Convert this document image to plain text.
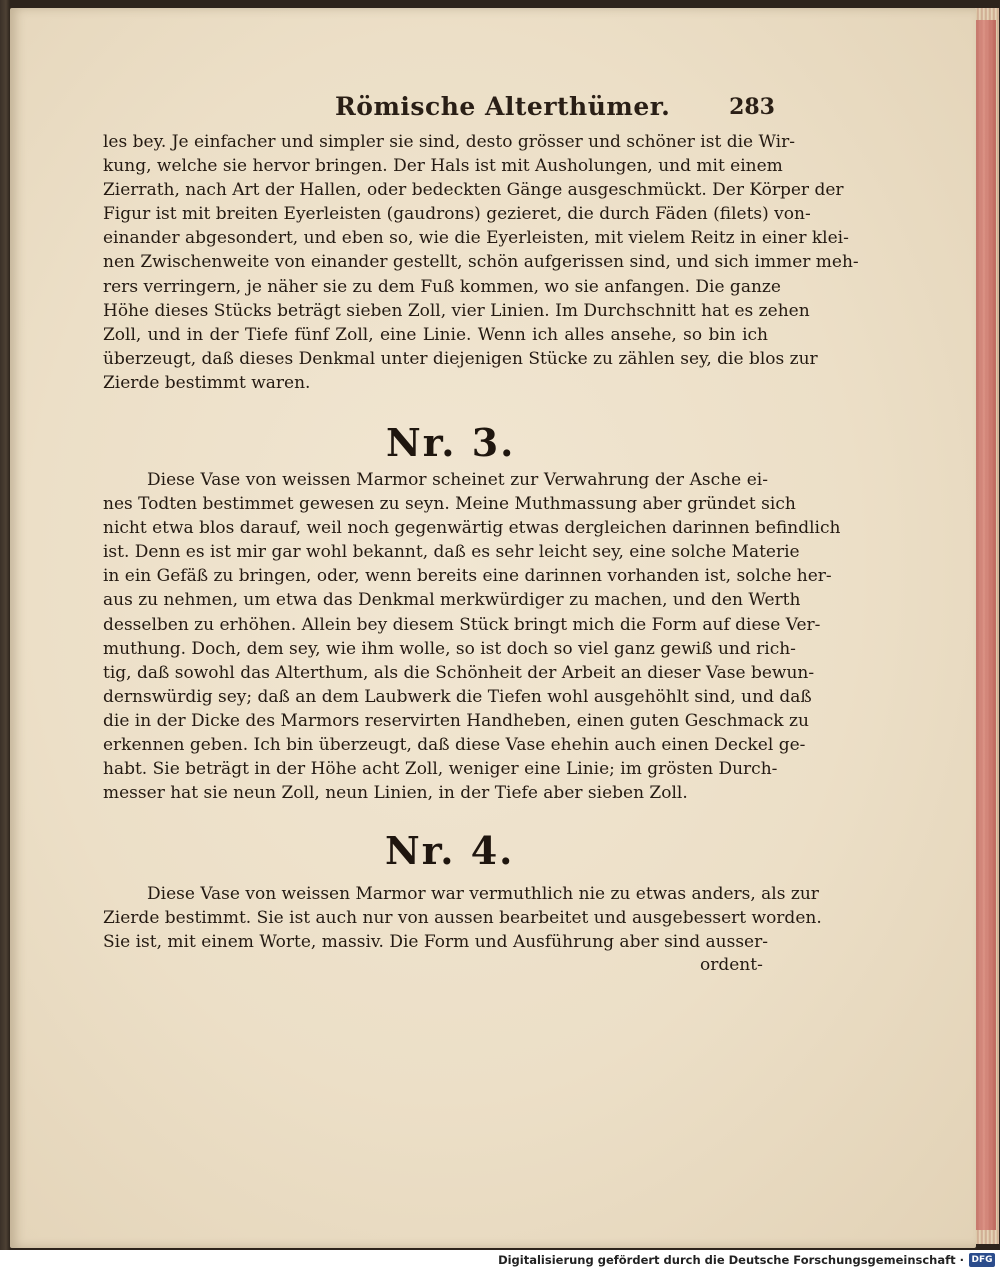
Römische Alterthümer.	283

les bey. Je einfacher und simpler sie sind, desto grösser und schöner ist die Wir-

kung, welche sie hervor bringen. Der Hals ist mit Ausholungen, und mit einem

Zierrath, nach Art der Hallen, oder bedeckten Gänge ausgeschmückt. Der Körper der

Figur ist mit breiten Eyerleisten (gaudrons) gezieret, die durch Fäden (filets) von-

einander abgesondert, und eben so, wie die Eyerleisten, mit vielem Reitz in einer klei-

nen Zwischenweite von einander gestellt, schön aufgerissen sind, und sich immer meh-

rers verringern, je näher sie zu dem Fuß kommen, wo sie anfangen. Die ganze

Höhe dieses Stücks beträgt sieben Zoll, vier Linien. Im Durchschnitt hat es zehen

Zoll, und in der Tiefe fünf Zoll, eine Linie. Wenn ich alles ansehe, so bin ich

überzeugt, daß dieses Denkmal unter diejenigen Stücke zu zählen sey, die blos zur

Zierde bestimmt waren.

Nr. 3.

Diese Vase von weissen Marmor scheinet zur Verwahrung der Asche ei-

nes Todten bestimmet gewesen zu seyn. Meine Muthmassung aber gründet sich

nicht etwa blos darauf, weil noch gegenwärtig etwas dergleichen darinnen befindlich

ist. Denn es ist mir gar wohl bekannt, daß es sehr leicht sey, eine solche Materie

in ein Gefäß zu bringen, oder, wenn bereits eine darinnen vorhanden ist, solche her-

aus zu nehmen, um etwa das Denkmal merkwürdiger zu machen, und den Werth

desselben zu erhöhen. Allein bey diesem Stück bringt mich die Form auf diese Ver-

muthung. Doch, dem sey, wie ihm wolle, so ist doch so viel ganz gewiß und rich-

tig, daß sowohl das Alterthum, als die Schönheit der Arbeit an dieser Vase bewun-

dernswürdig sey; daß an dem Laubwerk die Tiefen wohl ausgehöhlt sind, und daß

die in der Dicke des Marmors reservirten Handheben, einen guten Geschmack zu

erkennen geben. Ich bin überzeugt, daß diese Vase ehehin auch einen Deckel ge-

habt. Sie beträgt in der Höhe acht Zoll, weniger eine Linie; im grösten Durch-

messer hat sie neun Zoll, neun Linien, in der Tiefe aber sieben Zoll.

Nr. 4.

Diese Vase von weissen Marmor war vermuthlich nie zu etwas anders, als zur

Zierde bestimmt. Sie ist auch nur von aussen bearbeitet und ausgebessert worden.

Sie ist, mit einem Worte, massiv. Die Form und Ausführung aber sind ausser-

ordent-
Digitalisierung gefördert durch die Deutsche Forschungsgemeinschaft · DFG
